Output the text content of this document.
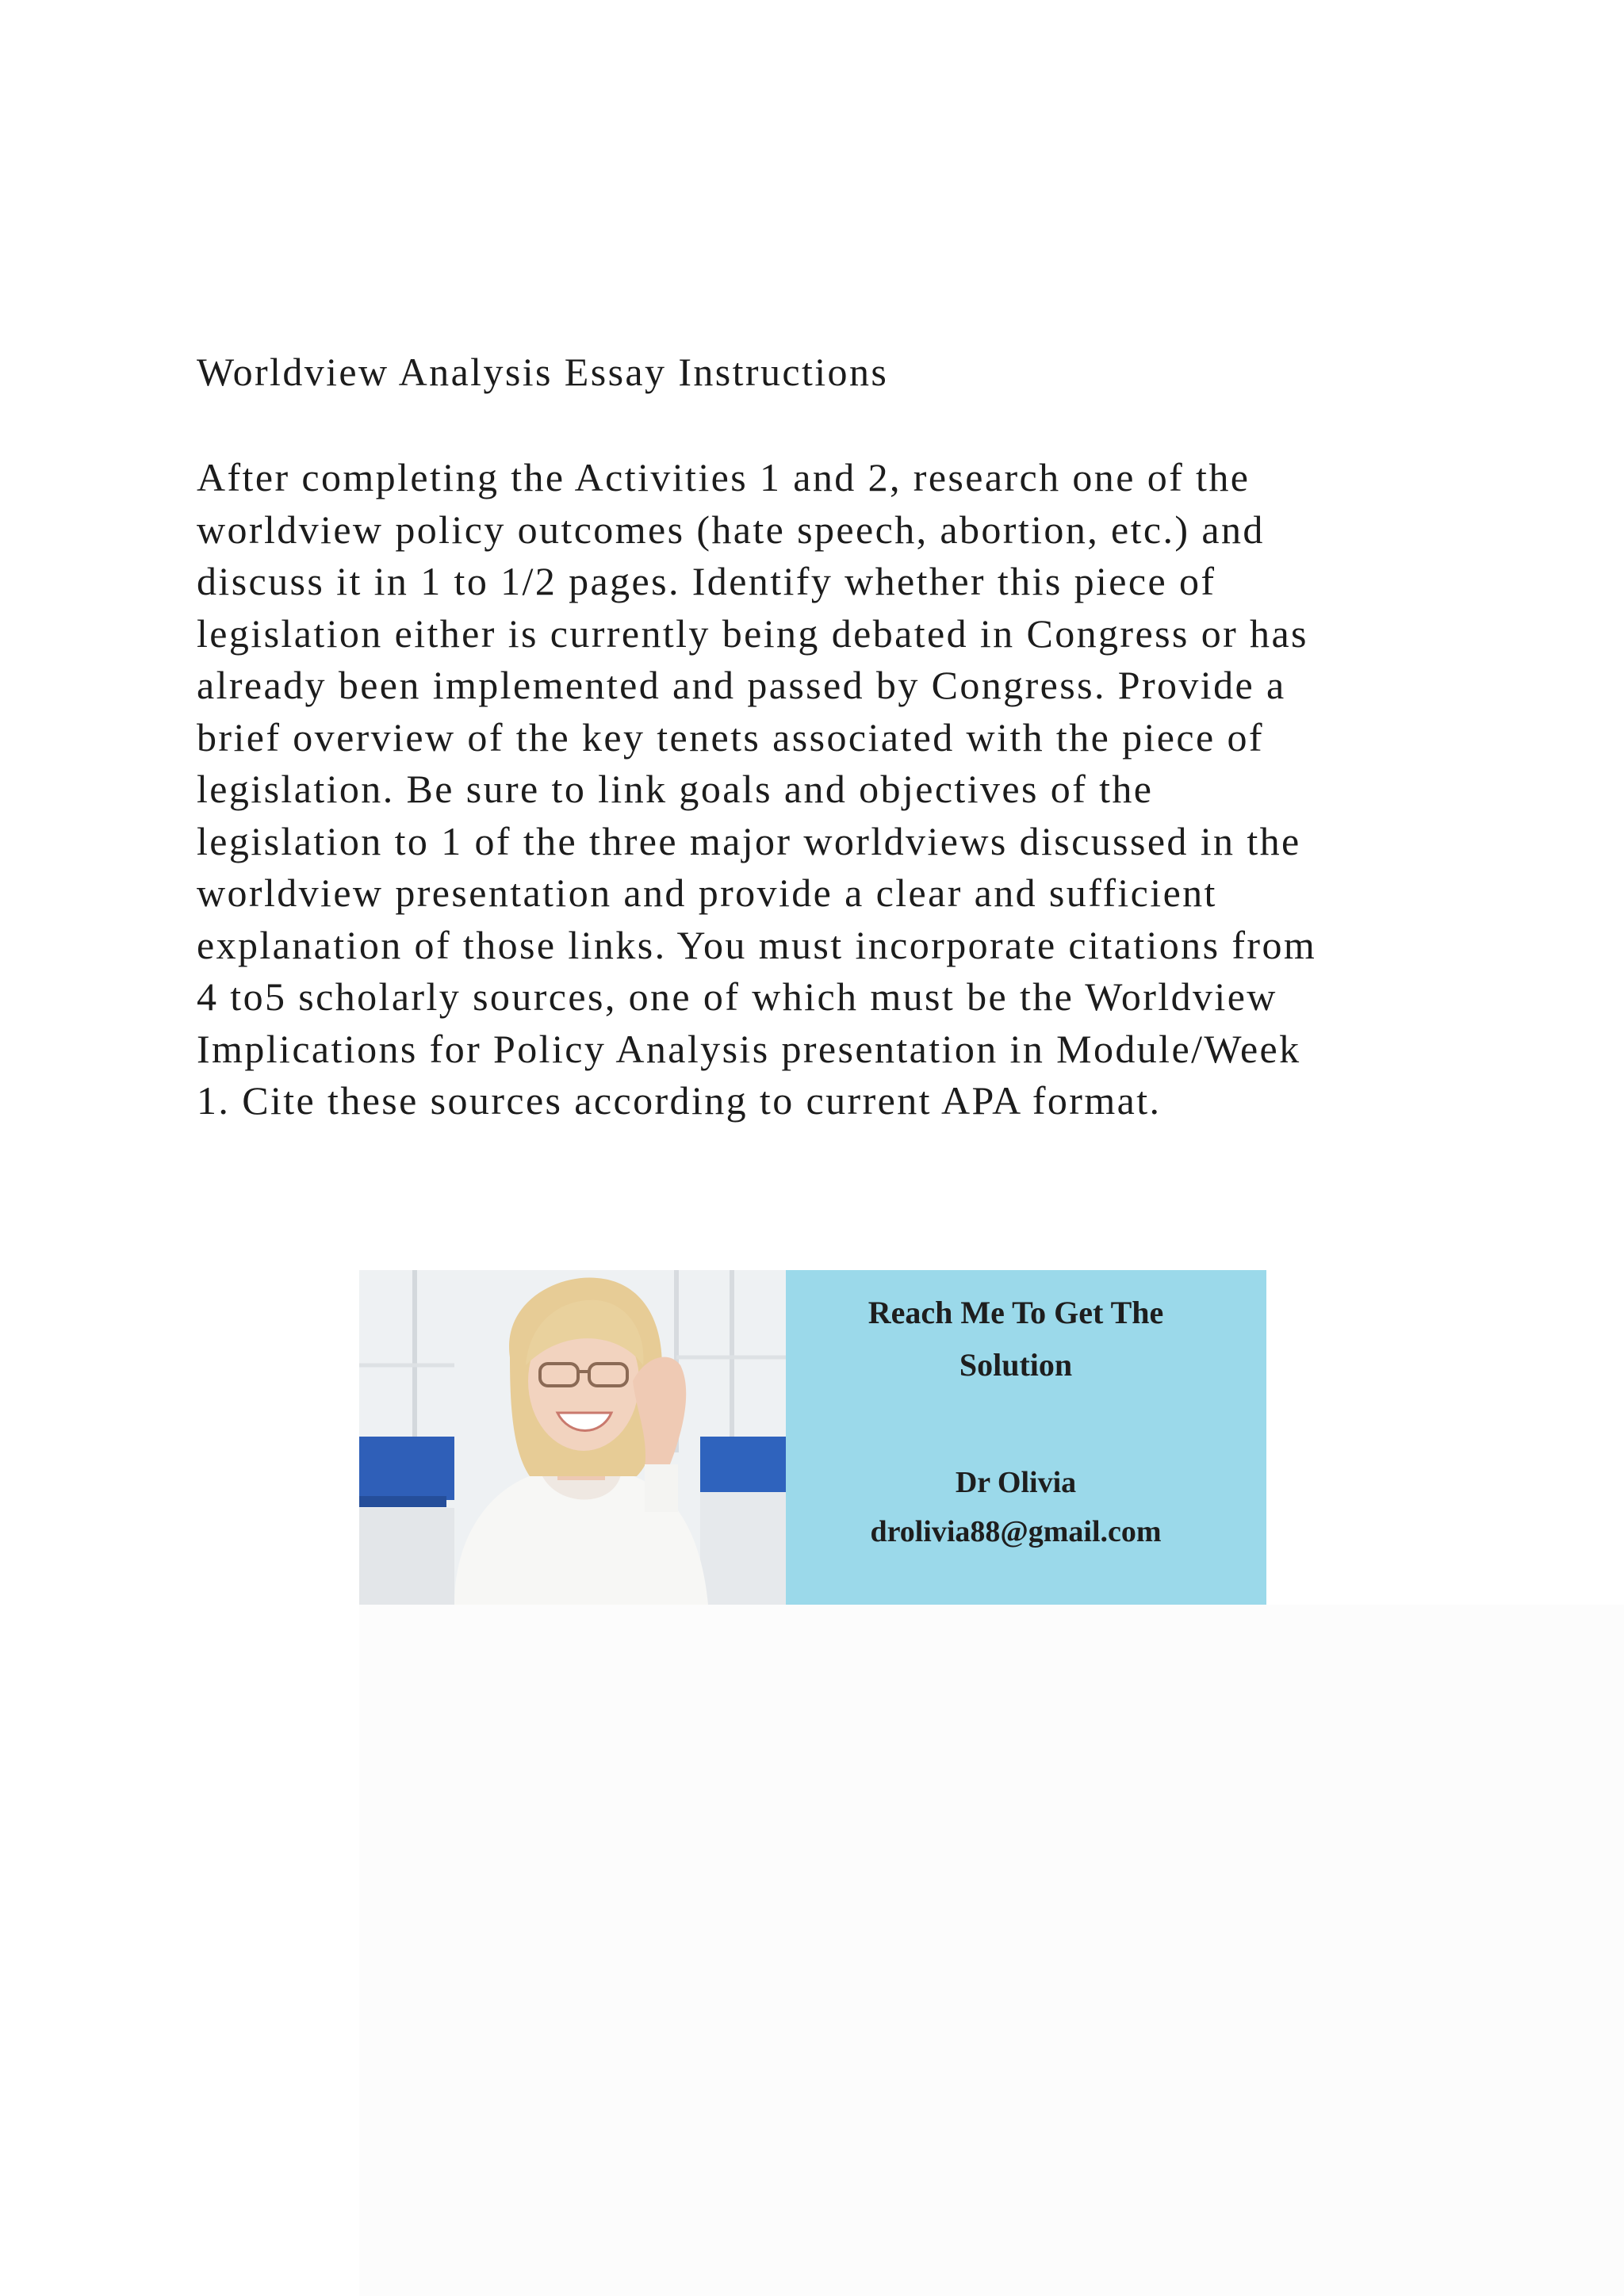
Worldview Analysis Essay Instructions
After completing the Activities 1 and 2, research one of the
worldview policy outcomes (hate speech, abortion, etc.) and
discuss it in 1 to 1/2 pages. Identify whether this piece of
legislation either is currently being debated in Congress or has
already been implemented and passed by Congress. Provide a
brief overview of the key tenets associated with the piece of
legislation. Be sure to link goals and objectives of the
legislation to 1 of the three major worldviews discussed in the
worldview presentation and provide a clear and sufficient
explanation of those links. You must incorporate citations from
4 to5 scholarly sources, one of which must be the Worldview
Implications for Policy Analysis presentation in Module/Week
1. Cite these sources according to current APA format.
Reach Me To Get The
Solution
Dr Olivia
drolivia88@gmail.com
